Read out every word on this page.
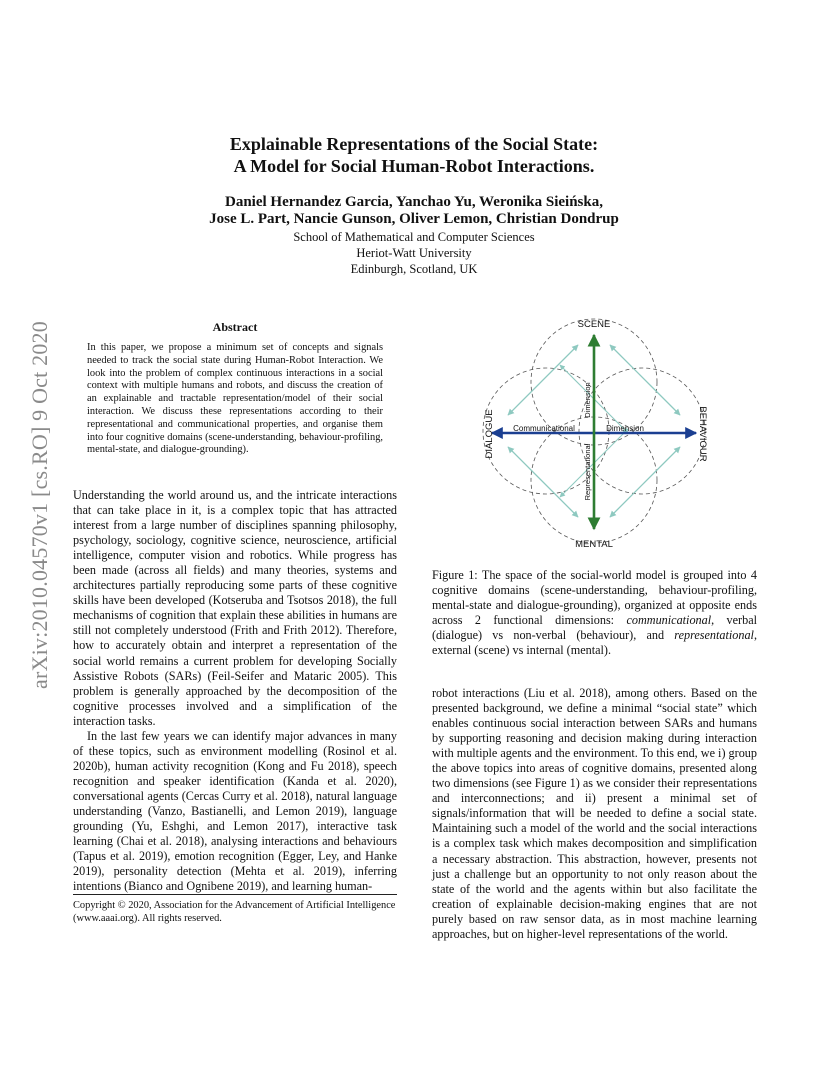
Explainable Representations of the Social State:
A Model for Social Human-Robot Interactions.
Daniel Hernandez Garcia, Yanchao Yu, Weronika Sieińska,
Jose L. Part, Nancie Gunson, Oliver Lemon, Christian Dondrup
School of Mathematical and Computer Sciences
Heriot-Watt University
Edinburgh, Scotland, UK
arXiv:2010.04570v1 [cs.RO] 9 Oct 2020	Abstract
In this paper, we propose a minimum set of concepts and signals needed to track the social state during Human-Robot Interaction. We look into the problem of complex continuous interactions in a social context with multiple humans and robots, and discuss the creation of an explainable and tractable representation/model of their social interaction. We discuss these representations according to their representational and communicational properties, and organise them into four cognitive domains (scene-understanding, behaviour-profiling, mental-state, and dialogue-grounding).

Understanding the world around us, and the intricate interactions that can take place in it, is a complex topic that has attracted interest from a large number of disciplines spanning philosophy, psychology, sociology, cognitive science, neuroscience, artificial intelligence, computer vision and robotics. While progress has been made (across all fields) and many theories, systems and architectures partially reproducing some parts of these cognitive skills have been developed (Kotseruba and Tsotsos 2018), the full mechanisms of cognition that explain these abilities in humans are still not completely understood (Frith and Frith 2012). Therefore, how to accurately obtain and interpret a representation of the social world remains a current problem for developing Socially Assistive Robots (SARs) (Feil-Seifer and Mataric 2005). This problem is generally approached by the decomposition of the cognitive processes involved and a simplification of the interaction tasks.

In the last few years we can identify major advances in many of these topics, such as environment modelling (Rosinol et al. 2020b), human activity recognition (Kong and Fu 2018), speech recognition and speaker identification (Kanda et al. 2020), conversational agents (Cercas Curry et al. 2018), natural language understanding (Vanzo, Bastianelli, and Lemon 2019), language grounding (Yu, Eshghi, and Lemon 2017), interactive task learning (Chai et al. 2018), analysing interactions and behaviours (Tapus et al. 2019), emotion recognition (Egger, Ley, and Hanke 2019), personality detection (Mehta et al. 2019), inferring intentions (Bianco and Ognibene 2019), and learning human-

Copyright © 2020, Association for the Advancement of Artificial Intelligence (www.aaai.org). All rights reserved.
SCENE
MENTAL
DIALOGUE	BEHAVIOUR
Communicational	Dimension
Dimension
Representational
Figure 1: The space of the social-world model is grouped into 4 cognitive domains (scene-understanding, behaviour-profiling, mental-state and dialogue-grounding), organized at opposite ends across 2 functional dimensions: communicational, verbal (dialogue) vs non-verbal (behaviour), and representational, external (scene) vs internal (mental).

robot interactions (Liu et al. 2018), among others. Based on the presented background, we define a minimal “social state” which enables continuous social interaction between SARs and humans by supporting reasoning and decision making during interaction with multiple agents and the environment. To this end, we i) group the above topics into areas of cognitive domains, presented along two dimensions (see Figure 1) as we consider their representations and interconnections; and ii) present a minimal set of signals/information that will be needed to define a social state. Maintaining such a model of the world and the social interactions is a complex task which makes decomposition and simplification a necessary abstraction. This abstraction, however, presents not just a challenge but an opportunity to not only reason about the state of the world and the agents within but also facilitate the creation of explainable decision-making engines that are not purely based on raw sensor data, as in most machine learning approaches, but on higher-level representations of the world.
